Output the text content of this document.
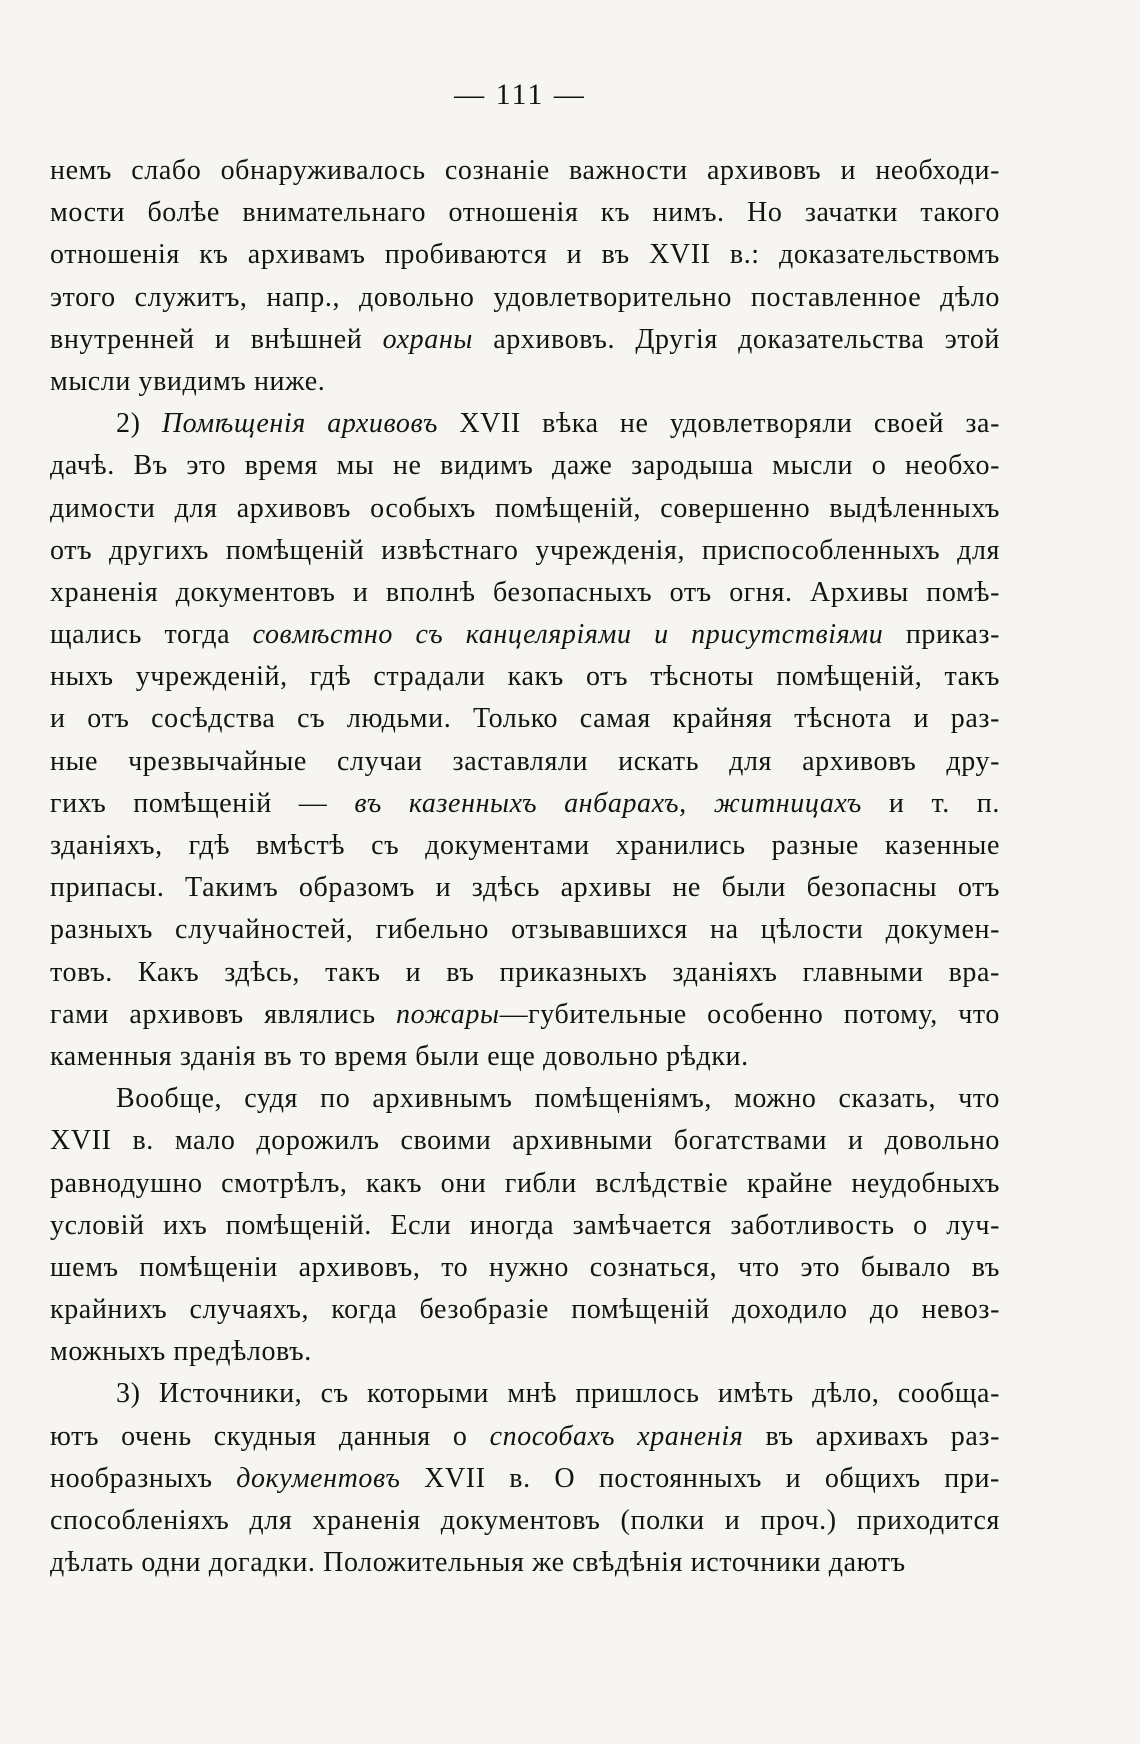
— 111 —
немъ слабо обнаруживалось сознаніе важности архивовъ и необходи-
мости болѣе внимательнаго отношенія къ нимъ. Но зачатки такого
отношенія къ архивамъ пробиваются и въ XVII в.: доказательствомъ
этого служитъ, напр., довольно удовлетворительно поставленное дѣло
внутренней и внѣшней охраны архивовъ. Другія доказательства этой
мысли увидимъ ниже.
2) Помѣщенія архивовъ XVII вѣка не удовлетворяли своей за-
дачѣ. Въ это время мы не видимъ даже зародыша мысли о необхо-
димости для архивовъ особыхъ помѣщеній, совершенно выдѣленныхъ
отъ другихъ помѣщеній извѣстнаго учрежденія, приспособленныхъ для
храненія документовъ и вполнѣ безопасныхъ отъ огня. Архивы помѣ-
щались тогда совмѣстно съ канцеляріями и присутствіями приказ-
ныхъ учрежденій, гдѣ страдали какъ отъ тѣсноты помѣщеній, такъ
и отъ сосѣдства съ людьми. Только самая крайняя тѣснота и раз-
ные чрезвычайные случаи заставляли искать для архивовъ дру-
гихъ помѣщеній — въ казенныхъ анбарахъ, житницахъ и т. п.
зданіяхъ, гдѣ вмѣстѣ съ документами хранились разные казенные
припасы. Такимъ образомъ и здѣсь архивы не были безопасны отъ
разныхъ случайностей, гибельно отзывавшихся на цѣлости докумен-
товъ. Какъ здѣсь, такъ и въ приказныхъ зданіяхъ главными вра-
гами архивовъ являлись пожары—губительные особенно потому, что
каменныя зданія въ то время были еще довольно рѣдки.
Вообще, судя по архивнымъ помѣщеніямъ, можно сказать, что
XVII в. мало дорожилъ своими архивными богатствами и довольно
равнодушно смотрѣлъ, какъ они гибли вслѣдствіе крайне неудобныхъ
условій ихъ помѣщеній. Если иногда замѣчается заботливость о луч-
шемъ помѣщеніи архивовъ, то нужно сознаться, что это бывало въ
крайнихъ случаяхъ, когда безобразіе помѣщеній доходило до невоз-
можныхъ предѣловъ.
3) Источники, съ которыми мнѣ пришлось имѣть дѣло, сообща-
ютъ очень скудныя данныя о способахъ храненія въ архивахъ раз-
нообразныхъ документовъ XVII в. О постоянныхъ и общихъ при-
способленіяхъ для храненія документовъ (полки и проч.) приходится
дѣлать одни догадки. Положительныя же свѣдѣнія источники даютъ
